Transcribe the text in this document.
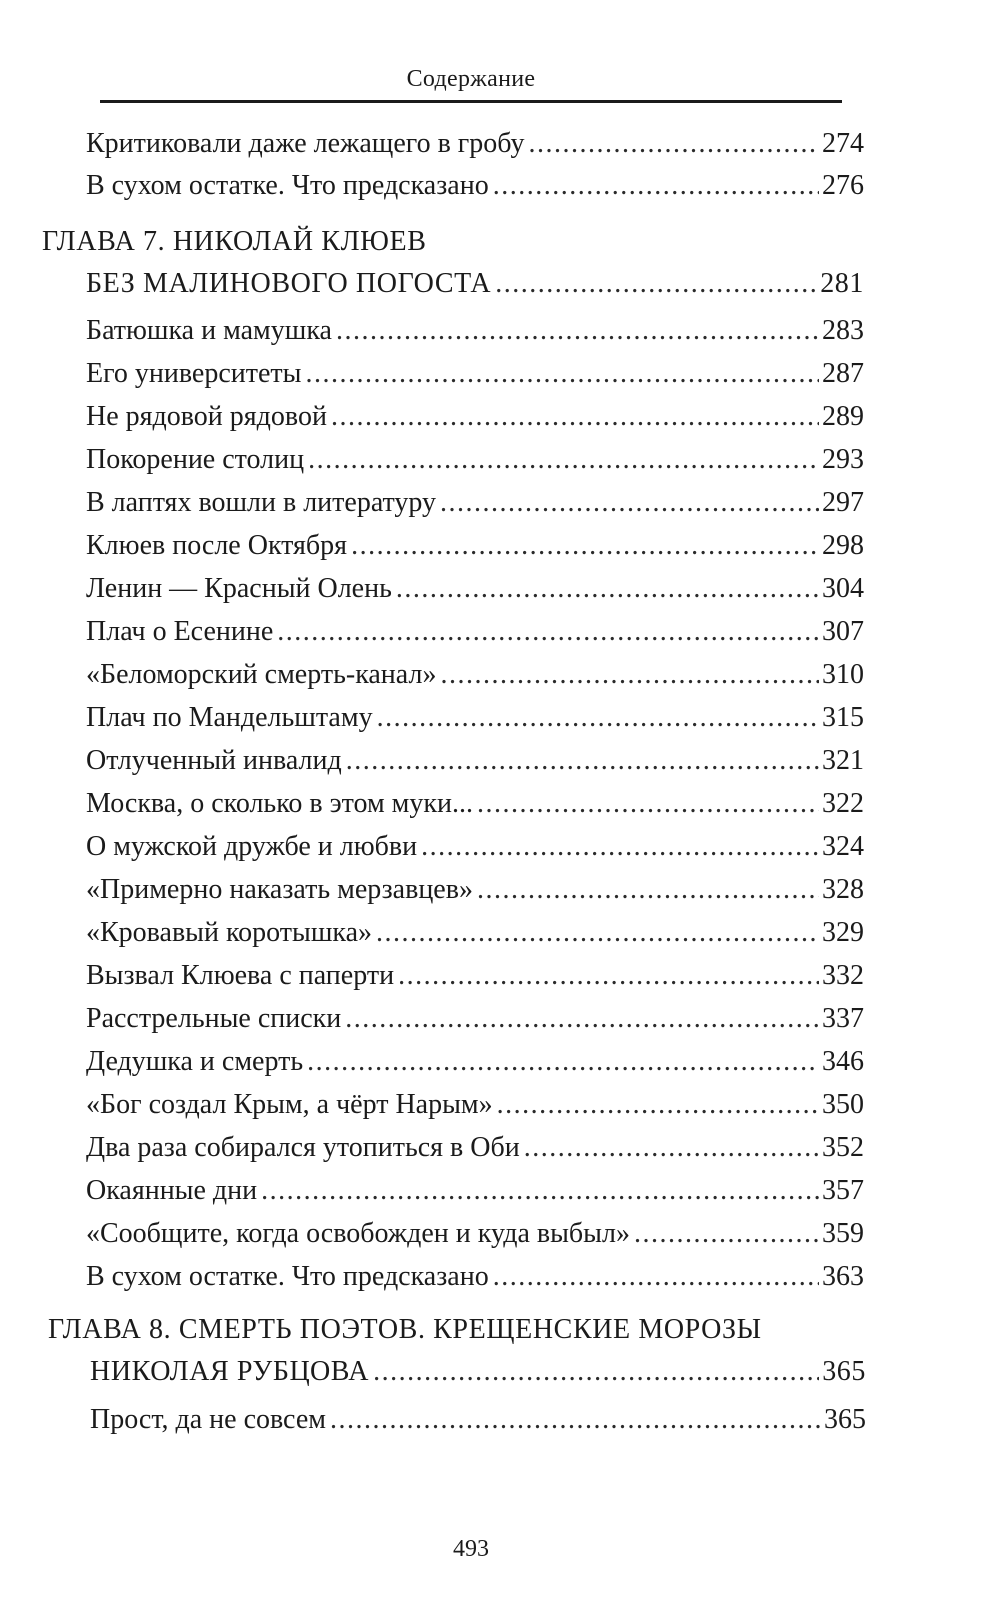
Содержание
Критиковали даже лежащего в гробу .....	274
В сухом остатке. Что предсказано .....	276
ГЛАВА 7. НИКОЛАЙ КЛЮЕВ
БЕЗ МАЛИНОВОГО ПОГОСТА .....	281
Батюшка и мамушка .....	283
Его университеты .....	287
Не рядовой рядовой .....	289
Покорение столиц .....	293
В лаптях вошли в литературу .....	297
Клюев после Октября .....	298
Ленин — Красный Олень .....	304
Плач о Есенине .....	307
«Беломорский смерть-канал» .....	310
Плач по Мандельштаму .....	315
Отлученный инвалид .....	321
Москва, о сколько в этом муки... .....	322
О мужской дружбе и любви .....	324
«Примерно наказать мерзавцев» .....	328
«Кровавый коротышка» .....	329
Вызвал Клюева с паперти .....	332
Расстрельные списки .....	337
Дедушка и смерть .....	346
«Бог создал Крым, а чёрт Нарым» .....	350
Два раза собирался утопиться в Оби .....	352
Окаянные дни .....	357
«Сообщите, когда освобожден и куда выбыл» .....	359
В сухом остатке. Что предсказано .....	363
ГЛАВА 8. СМЕРТЬ ПОЭТОВ. КРЕЩЕНСКИЕ МОРОЗЫ
НИКОЛАЯ РУБЦОВА .....	365
Прост, да не совсем .....	365
493
